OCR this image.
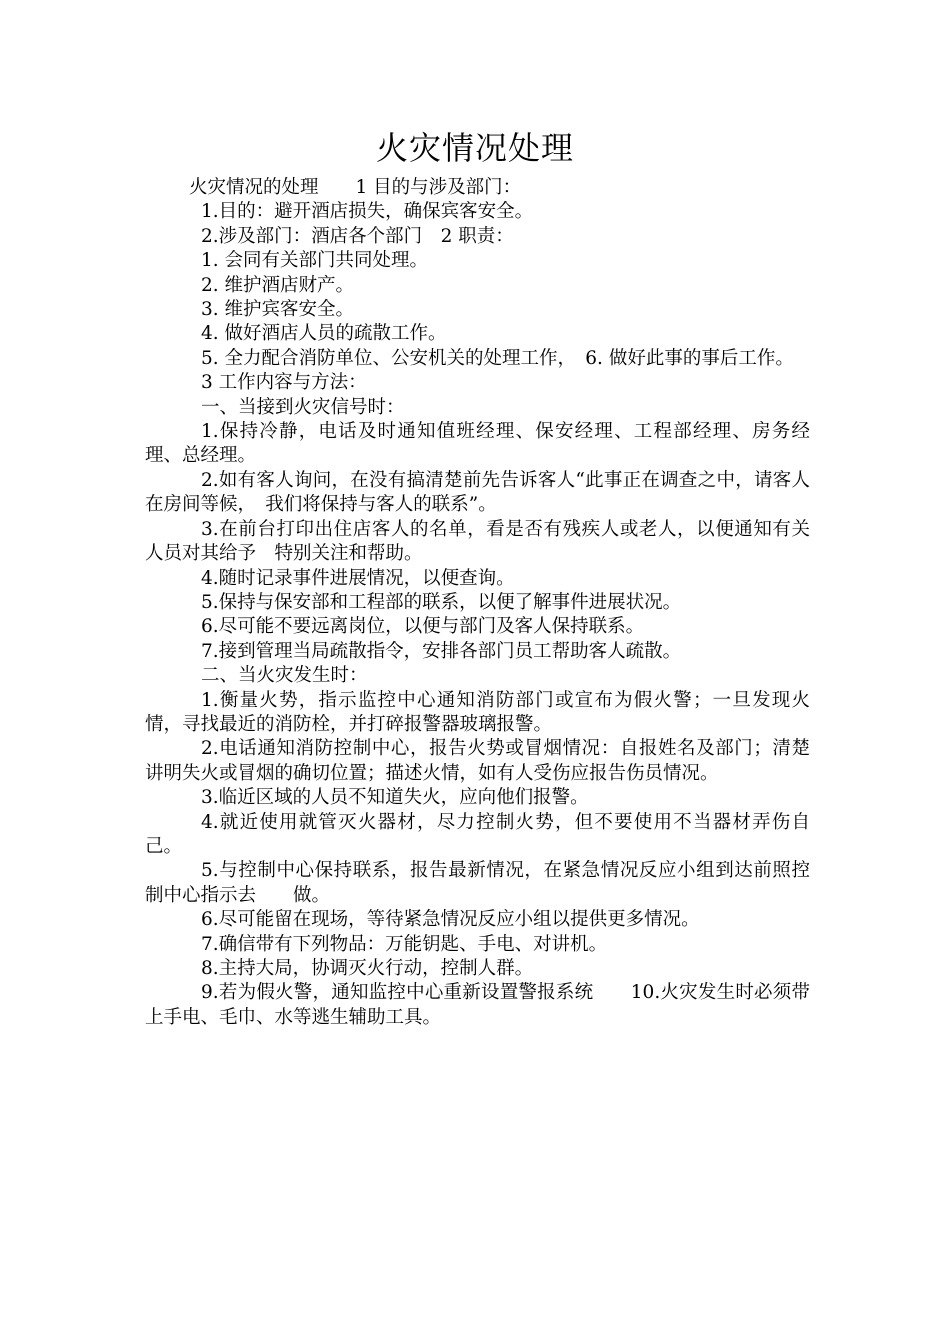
火灾情况处理

火灾情况的处理　　1 目的与涉及部门：

1.目的：避开酒店损失，确保宾客安全。

2.涉及部门：酒店各个部门　2 职责：

1. 会同有关部门共同处理。

2. 维护酒店财产。

3. 维护宾客安全。

4. 做好酒店人员的疏散工作。

5. 全力配合消防单位、公安机关的处理工作，　6. 做好此事的事后工作。

3 工作内容与方法：

一、当接到火灾信号时：

1.保持冷静，电话及时通知值班经理、保安经理、工程部经理、房务经理、总经理。

2.如有客人询问，在没有搞清楚前先告诉客人“此事正在调查之中，请客人在房间等候，　我们将保持与客人的联系”。

3.在前台打印出住店客人的名单，看是否有残疾人或老人，以便通知有关人员对其给予　特别关注和帮助。

4.随时记录事件进展情况，以便查询。

5.保持与保安部和工程部的联系，以便了解事件进展状况。

6.尽可能不要远离岗位，以便与部门及客人保持联系。

7.接到管理当局疏散指令，安排各部门员工帮助客人疏散。

二、当火灾发生时：

1.衡量火势，指示监控中心通知消防部门或宣布为假火警；一旦发现火情，寻找最近的消防栓，并打碎报警器玻璃报警。

2.电话通知消防控制中心，报告火势或冒烟情况：自报姓名及部门；清楚讲明失火或冒烟的确切位置；描述火情，如有人受伤应报告伤员情况。

3.临近区域的人员不知道失火，应向他们报警。

4.就近使用就管灭火器材，尽力控制火势，但不要使用不当器材弄伤自己。

5.与控制中心保持联系，报告最新情况，在紧急情况反应小组到达前照控制中心指示去　　做。

6.尽可能留在现场，等待紧急情况反应小组以提供更多情况。

7.确信带有下列物品：万能钥匙、手电、对讲机。

8.主持大局，协调灭火行动，控制人群。

9.若为假火警，通知监控中心重新设置警报系统　　10.火灾发生时必须带上手电、毛巾、水等逃生辅助工具。
